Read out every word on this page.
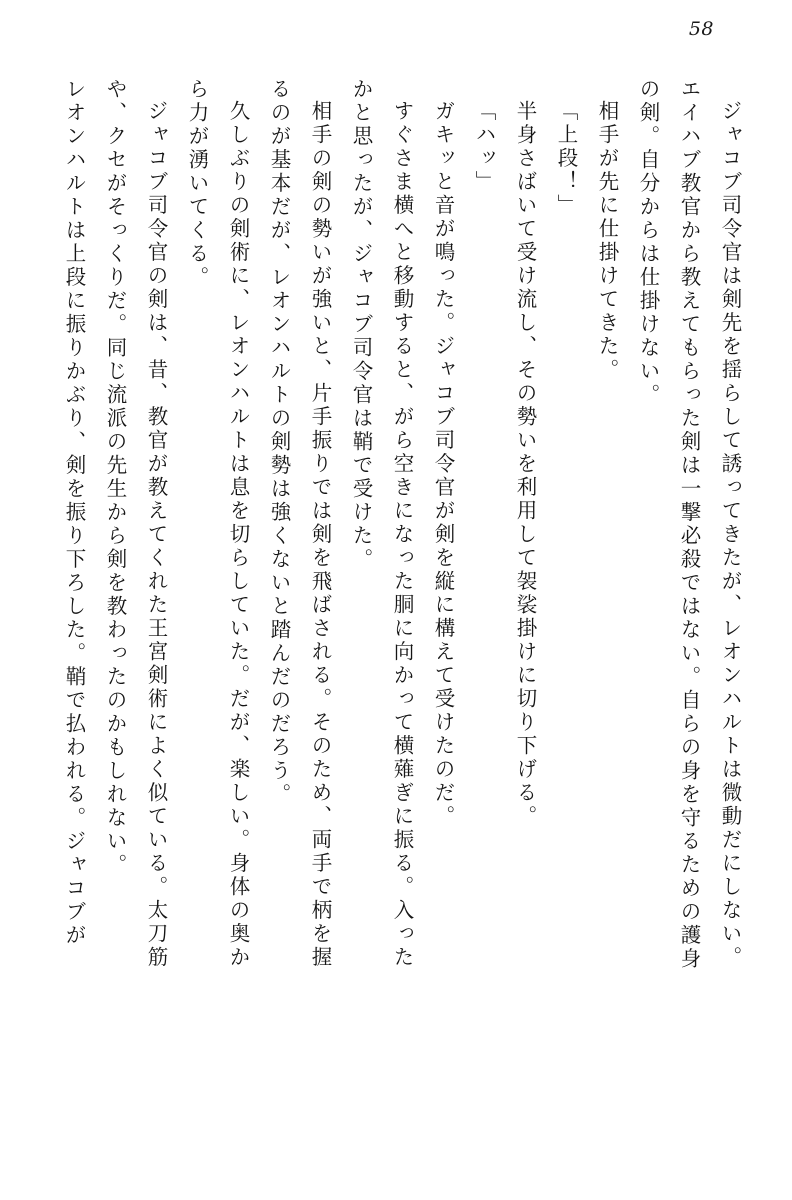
58
ジャコブ司令官は剣先を揺らして誘ってきたが、レオンハルトは微動だにしない。
エイハブ教官から教えてもらった剣は一撃必殺ではない。自らの身を守るための護身
の剣。自分からは仕掛けない。
相手が先に仕掛けてきた。
「上段！」
半身さばいて受け流し、その勢いを利用して袈裟掛けに切り下げる。
「ハッ」
ガキッと音が鳴った。ジャコブ司令官が剣を縦に構えて受けたのだ。
すぐさま横へと移動すると、がら空きになった胴に向かって横薙ぎに振る。入った
かと思ったが、ジャコブ司令官は鞘で受けた。
相手の剣の勢いが強いと、片手振りでは剣を飛ばされる。そのため、両手で柄を握
るのが基本だが、レオンハルトの剣勢は強くないと踏んだのだろう。
久しぶりの剣術に、レオンハルトは息を切らしていた。だが、楽しい。身体の奥か
ら力が湧いてくる。
ジャコブ司令官の剣は、昔、教官が教えてくれた王宮剣術によく似ている。太刀筋
や、クセがそっくりだ。同じ流派の先生から剣を教わったのかもしれない。
レオンハルトは上段に振りかぶり、剣を振り下ろした。鞘で払われる。ジャコブが
